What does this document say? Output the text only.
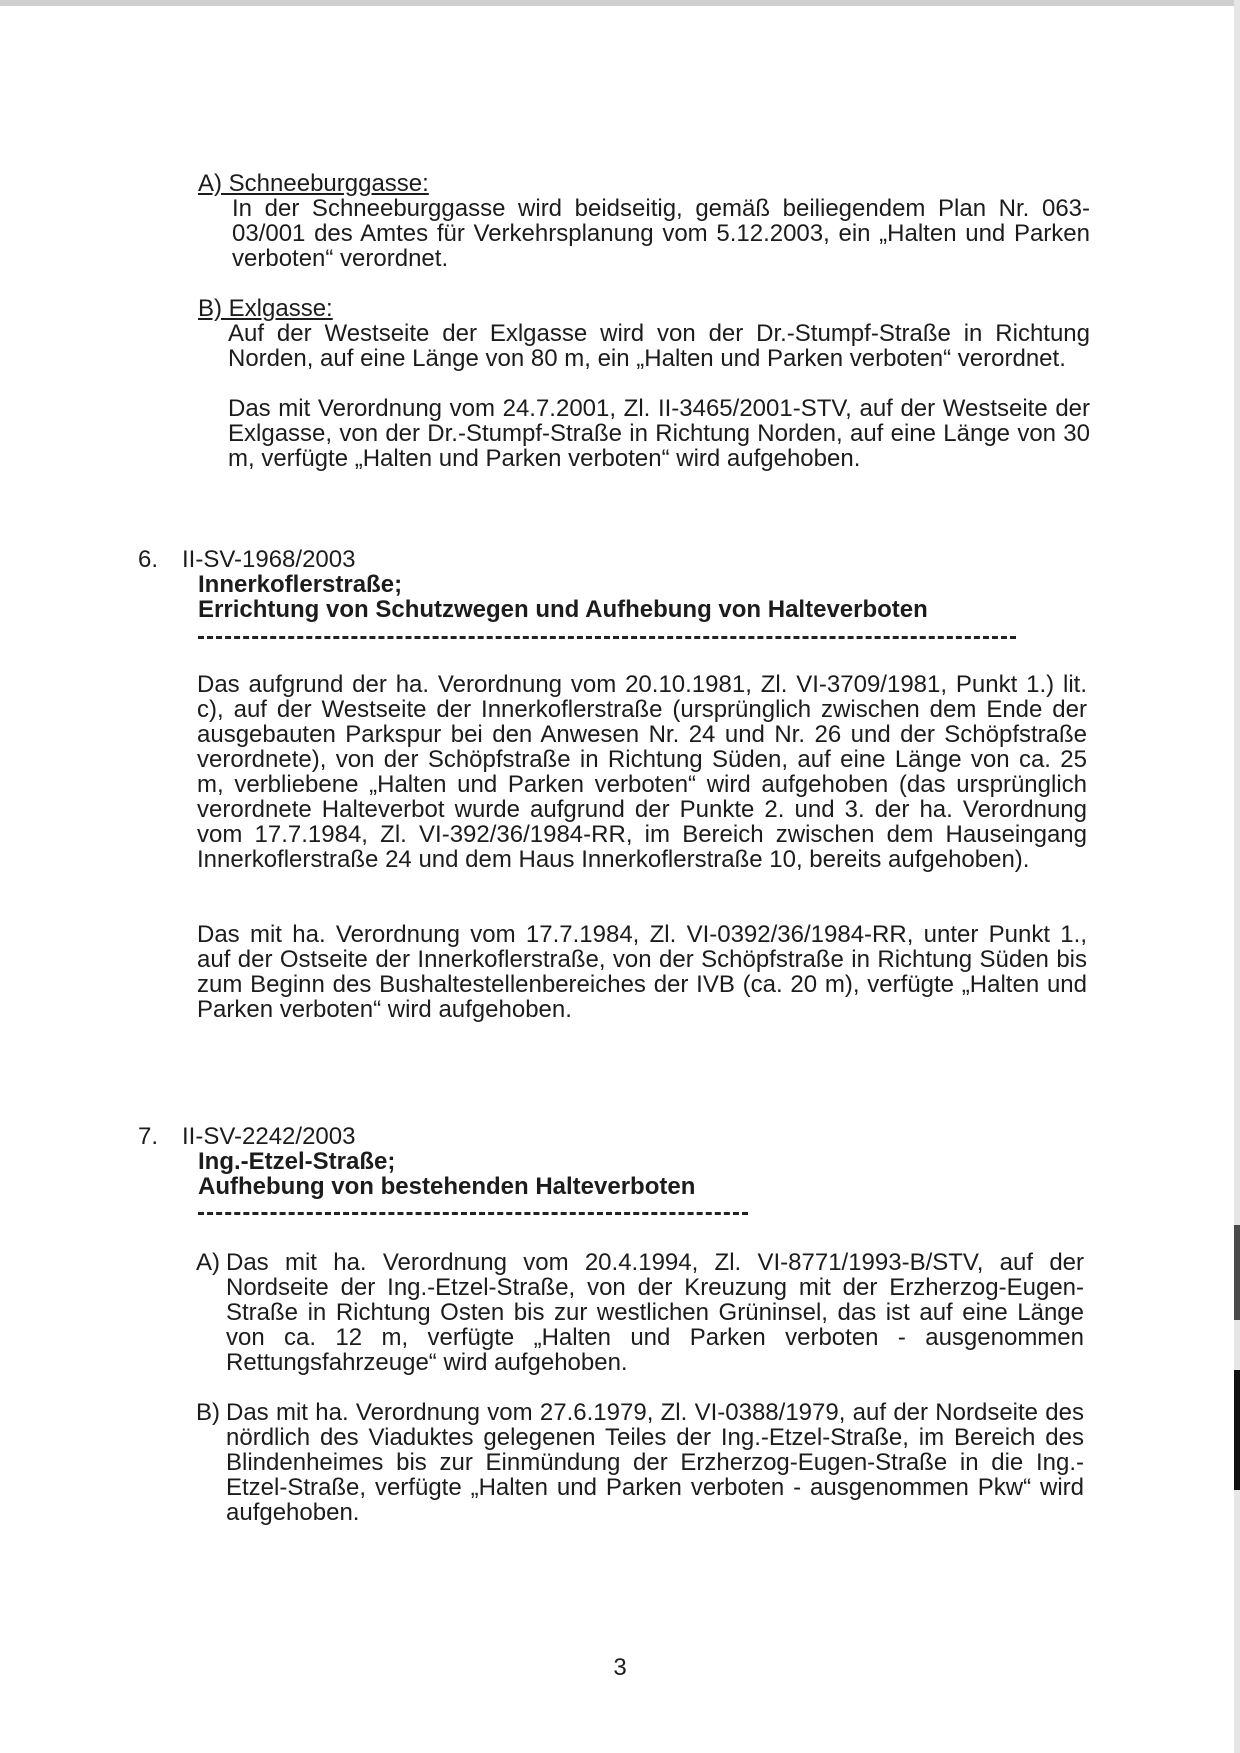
A) Schneeburggasse:
In der Schneeburggasse wird beidseitig, gemäß beiliegendem Plan Nr. 063-03/001 des Amtes für Verkehrsplanung vom 5.12.2003, ein „Halten und Parken verboten“ verordnet.
B) Exlgasse:
Auf der Westseite der Exlgasse wird von der Dr.-Stumpf-Straße in Richtung Norden, auf eine Länge von 80 m, ein „Halten und Parken verboten“ verordnet.
Das mit Verordnung vom 24.7.2001, Zl. II-3465/2001-STV, auf der Westseite der Exlgasse, von der Dr.-Stumpf-Straße in Richtung Norden, auf eine Länge von 30 m, verfügte „Halten und Parken verboten“ wird aufgehoben.
6. II-SV-1968/2003
Innerkoflerstraße;
Errichtung von Schutzwegen und Aufhebung von Halteverboten
Das aufgrund der ha. Verordnung vom 20.10.1981, Zl. VI-3709/1981, Punkt 1.) lit. c), auf der Westseite der Innerkoflerstraße (ursprünglich zwischen dem Ende der ausgebauten Parkspur bei den Anwesen Nr. 24 und Nr. 26 und der Schöpfstraße verordnete), von der Schöpfstraße in Richtung Süden, auf eine Länge von ca. 25 m, verbliebene „Halten und Parken verboten“ wird aufgehoben (das ursprünglich verordnete Halteverbot wurde aufgrund der Punkte 2. und 3. der ha. Verordnung vom 17.7.1984, Zl. VI-392/36/1984-RR, im Bereich zwischen dem Hauseingang Innerkoflerstraße 24 und dem Haus Innerkoflerstraße 10, bereits aufgehoben).
Das mit ha. Verordnung vom 17.7.1984, Zl. VI-0392/36/1984-RR, unter Punkt 1., auf der Ostseite der Innerkoflerstraße, von der Schöpfstraße in Richtung Süden bis zum Beginn des Bushaltestellenbereiches der IVB (ca. 20 m), verfügte „Halten und Parken verboten“ wird aufgehoben.
7. II-SV-2242/2003
Ing.-Etzel-Straße;
Aufhebung von bestehenden Halteverboten
A) Das mit ha. Verordnung vom 20.4.1994, Zl. VI-8771/1993-B/STV, auf der Nordseite der Ing.-Etzel-Straße, von der Kreuzung mit der Erzherzog-Eugen-Straße in Richtung Osten bis zur westlichen Grüninsel, das ist auf eine Länge von ca. 12 m, verfügte „Halten und Parken verboten - ausgenommen Rettungsfahrzeuge“ wird aufgehoben.
B) Das mit ha. Verordnung vom 27.6.1979, Zl. VI-0388/1979, auf der Nordseite des nördlich des Viaduktes gelegenen Teiles der Ing.-Etzel-Straße, im Bereich des Blindenheimes bis zur Einmündung der Erzherzog-Eugen-Straße in die Ing.-Etzel-Straße, verfügte „Halten und Parken verboten - ausgenommen Pkw“ wird aufgehoben.
3
